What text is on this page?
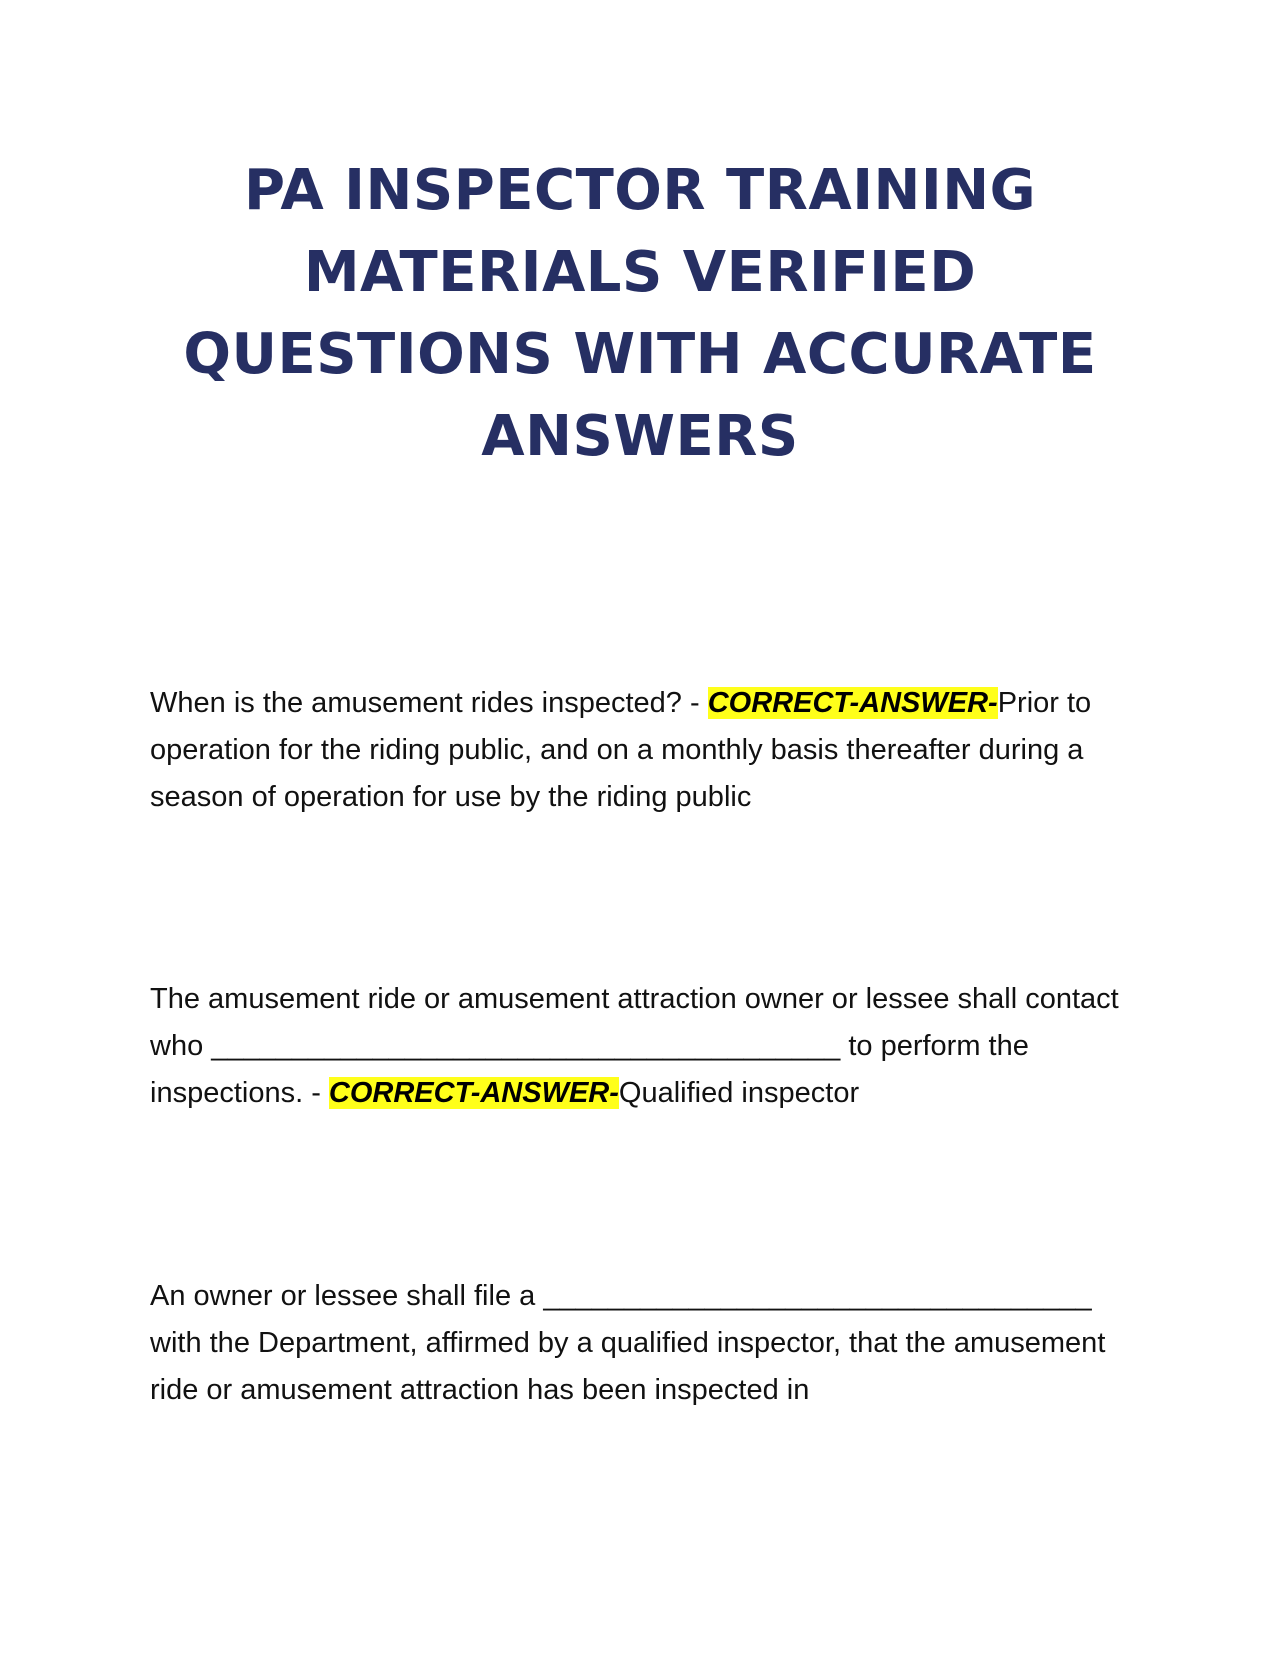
PA INSPECTOR TRAINING
MATERIALS VERIFIED
QUESTIONS WITH ACCURATE
ANSWERS

When is the amusement rides inspected? - CORRECT-ANSWER-Prior to operation for the riding public, and on a monthly basis thereafter during a season of operation for use by the riding public

The amusement ride or amusement attraction owner or lessee shall contact who _______________________________________ to perform the inspections. - CORRECT-ANSWER-Qualified inspector

An owner or lessee shall file a __________________________________ with the Department, affirmed by a qualified inspector, that the amusement ride or amusement attraction has been inspected in
